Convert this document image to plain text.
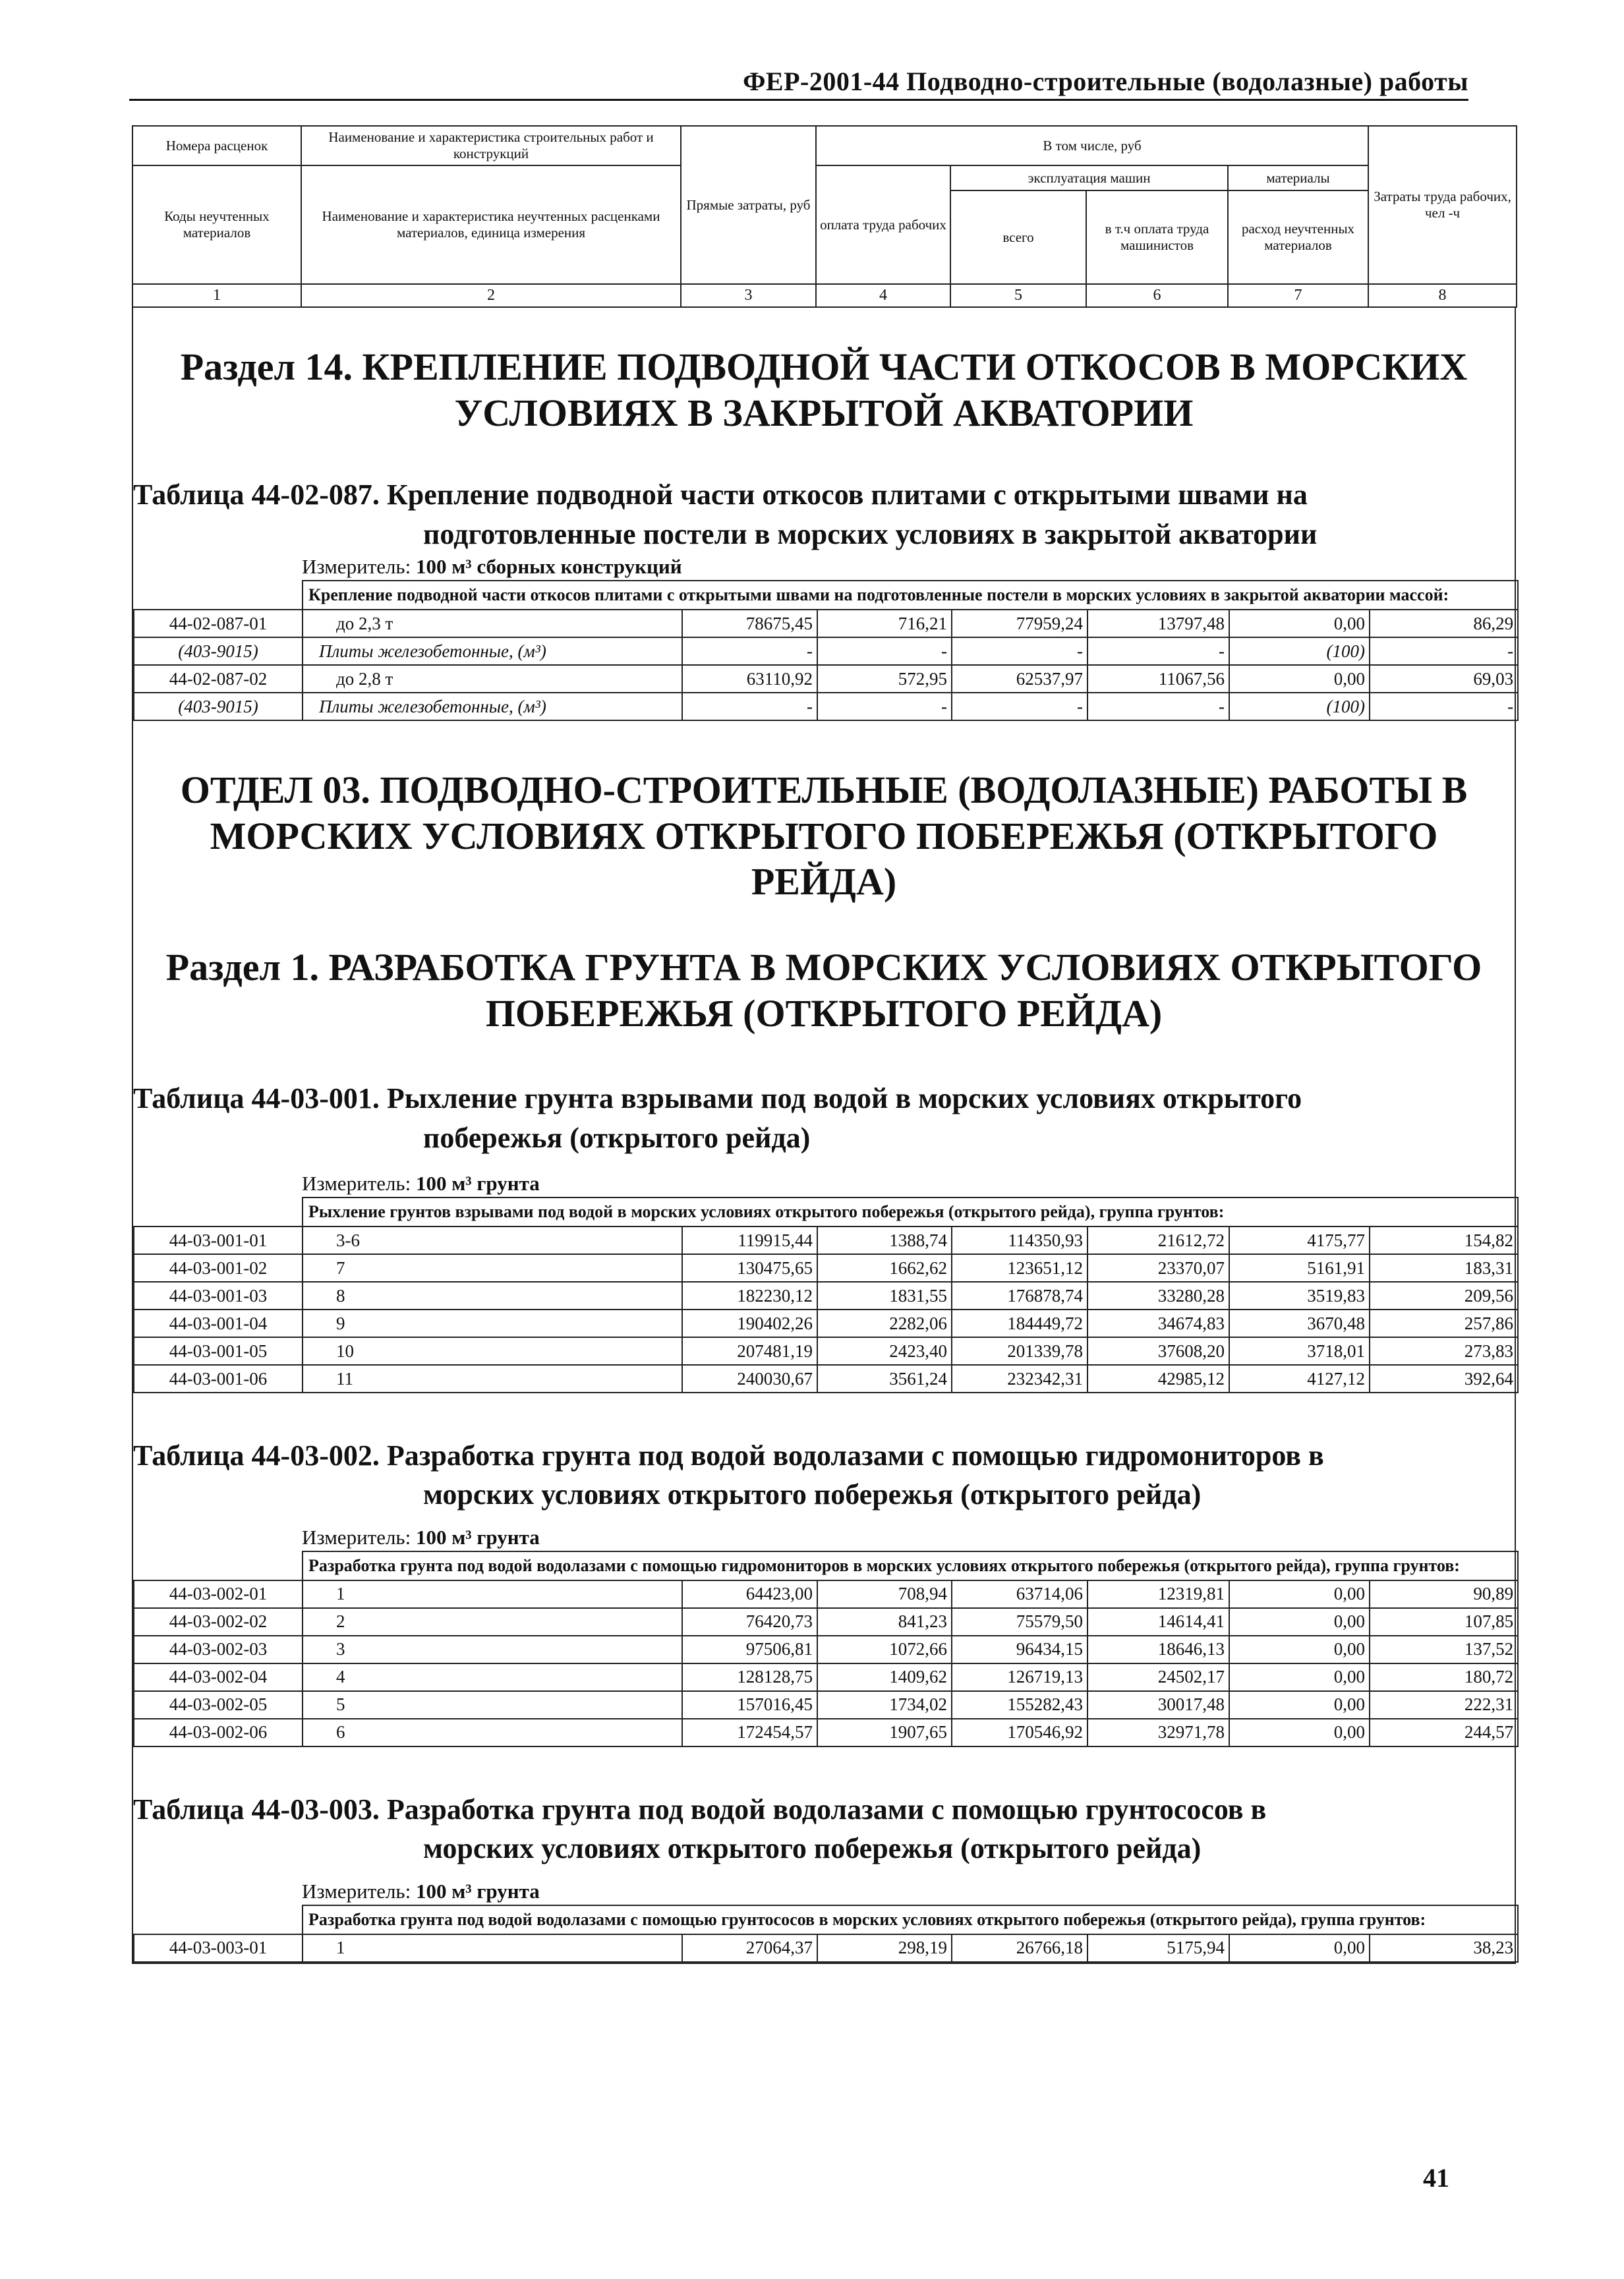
ФЕР-2001-44 Подводно-строительные (водолазные) работы
Номера расценок	Наименование и характеристика строительных работ и конструкций	Прямые затраты, руб	В том числе, руб				Затраты труда рабочих, чел -ч
Коды неучтенных материалов	Наименование и характеристика неучтенных расценками материалов, единица измерения		оплата труда рабочих	эксплуатация машин		материалы	
				всего	в т.ч оплата труда машинистов	расход неучтенных материалов	
1	2	3	4	5	6	7	8
Раздел 14. КРЕПЛЕНИЕ ПОДВОДНОЙ ЧАСТИ ОТКОСОВ В МОРСКИХ УСЛОВИЯХ В ЗАКРЫТОЙ АКВАТОРИИ
Таблица 44-02-087. Крепление подводной части откосов плитами с открытыми швами на
подготовленные постели в морских условиях в закрытой акватории
Измеритель: 100 м³ сборных конструкций
	Крепление подводной части откосов плитами с открытыми швами на подготовленные постели в морских условиях в закрытой акватории массой:						
44-02-087-01	до 2,3 т	78675,45	716,21	77959,24	13797,48	0,00	86,29
(403-9015)	Плиты железобетонные, (м³)	-	-	-	-	(100)	-
44-02-087-02	до 2,8 т	63110,92	572,95	62537,97	11067,56	0,00	69,03
(403-9015)	Плиты железобетонные, (м³)	-	-	-	-	(100)	-
ОТДЕЛ 03. ПОДВОДНО-СТРОИТЕЛЬНЫЕ (ВОДОЛАЗНЫЕ) РАБОТЫ В МОРСКИХ УСЛОВИЯХ ОТКРЫТОГО ПОБЕРЕЖЬЯ (ОТКРЫТОГО РЕЙДА)
Раздел 1. РАЗРАБОТКА ГРУНТА В МОРСКИХ УСЛОВИЯХ ОТКРЫТОГО ПОБЕРЕЖЬЯ (ОТКРЫТОГО РЕЙДА)
Таблица 44-03-001. Рыхление грунта взрывами под водой в морских условиях открытого
побережья (открытого рейда)
Измеритель: 100 м³ грунта
	Рыхление грунтов взрывами под водой в морских условиях открытого побережья (открытого рейда), группа грунтов:						
44-03-001-01	3-6	119915,44	1388,74	114350,93	21612,72	4175,77	154,82
44-03-001-02	7	130475,65	1662,62	123651,12	23370,07	5161,91	183,31
44-03-001-03	8	182230,12	1831,55	176878,74	33280,28	3519,83	209,56
44-03-001-04	9	190402,26	2282,06	184449,72	34674,83	3670,48	257,86
44-03-001-05	10	207481,19	2423,40	201339,78	37608,20	3718,01	273,83
44-03-001-06	11	240030,67	3561,24	232342,31	42985,12	4127,12	392,64
Таблица 44-03-002. Разработка грунта под водой водолазами с помощью гидромониторов в
морских условиях открытого побережья (открытого рейда)
Измеритель: 100 м³ грунта
	Разработка грунта под водой водолазами с помощью гидромониторов в морских условиях открытого побережья (открытого рейда), группа грунтов:						
44-03-002-01	1	64423,00	708,94	63714,06	12319,81	0,00	90,89
44-03-002-02	2	76420,73	841,23	75579,50	14614,41	0,00	107,85
44-03-002-03	3	97506,81	1072,66	96434,15	18646,13	0,00	137,52
44-03-002-04	4	128128,75	1409,62	126719,13	24502,17	0,00	180,72
44-03-002-05	5	157016,45	1734,02	155282,43	30017,48	0,00	222,31
44-03-002-06	6	172454,57	1907,65	170546,92	32971,78	0,00	244,57
Таблица 44-03-003. Разработка грунта под водой водолазами с помощью грунтососов в
морских условиях открытого побережья (открытого рейда)
Измеритель: 100 м³ грунта
	Разработка грунта под водой водолазами с помощью грунтососов в морских условиях открытого побережья (открытого рейда), группа грунтов:						
44-03-003-01	1	27064,37	298,19	26766,18	5175,94	0,00	38,23
41
